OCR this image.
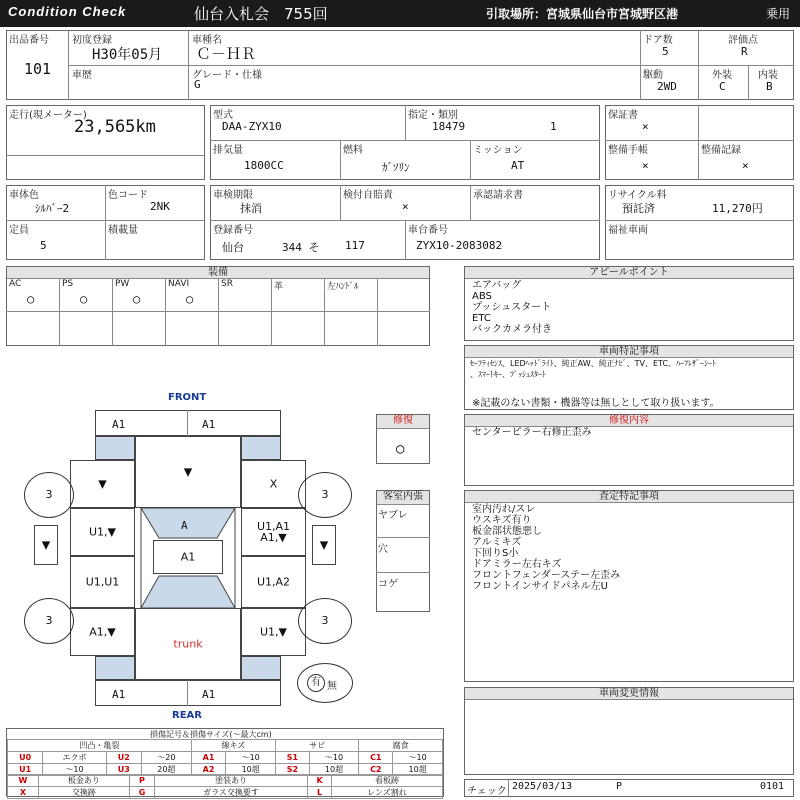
Condition Check	仙台入札会　755回	引取場所：宮城県仙台市宮城野区港	乗用
出品番号
101
初度登録
H30年05月
車種名
Ｃ－ＨＲ
ドア数
5
評価点
R
車歴	グレード・仕様
G
駆動
2WD
外装
C
内装
B
走行(現メーター)
23,565km
型式
DAA-ZYX10
指定・類別
18479	1
排気量
1800CC
燃料
ｶﾞｿﾘﾝ
ミッション
AT
保証書
×
整備手帳
×
整備記録
×
車体色
ｼﾙﾊﾞｰ2
色コード
2NK
定員
5
積載量
車検期限
抹消
検付自賠責
×
承認請求書
登録番号
仙台	344 そ 117
車台番号
ZYX10-2083082
リサイクル料
預託済	11,270円
福祉車両
装備
AC
○
PS
○
PW
○
NAVI
○
SR	革	左ﾊﾝﾄﾞﾙ
アピールポイント
エアバッグ
ABS
プッシュスタート
ETC
バックカメラ付き
車両特記事項
ｾｰﾌﾃｨｾﾝｽ、LEDﾍｯﾄﾞﾗｲﾄ、純正AW、純正ﾅﾋﾞ、TV、ETC、ﾊｰﾌﾚｻﾞｰｼｰﾄ
、ｽﾏｰﾄｷｰ、ﾌﾟｯｼｭｽﾀｰﾄ
※記載のない書類・機器等は無しとして取り扱います。
修復内容
センターピラー右修正歪み
査定特記事項
室内汚れ/スレ
ウスキズ有り
板金部状態悪し
アルミキズ
下回りS小
ドアミラー左右キズ
フロントフェンダーステー左歪み
フロントインサイドパネル左U
車両変更情報
チェック 2025/03/13	P	0101
修復
○
客室内張
ヤブレ
穴
コゲ
FRONT
REAR
A1	A1
▼
▼
X
A
A1
U1,▼	U1,A1
A1,▼
U1,U1	U1,A2
A1,▼
trunk
U1,▼
A1	A1
3	3
3	3
▼	▼
有 無
損傷記号＆損傷サイズ(～最大cm)
凹凸・亀裂				線キズ		サビ		腐食	
U0	エクボ	U2	～20	A1	～10	S1	～10	C1	～10
U1	～10	U3	20超	A2	10超	S2	10超	C2	10超
W	板金あり	P	塗装あり	K	看板跡
X	交換跡	G	ガラス交換要す	L	レンズ割れ
